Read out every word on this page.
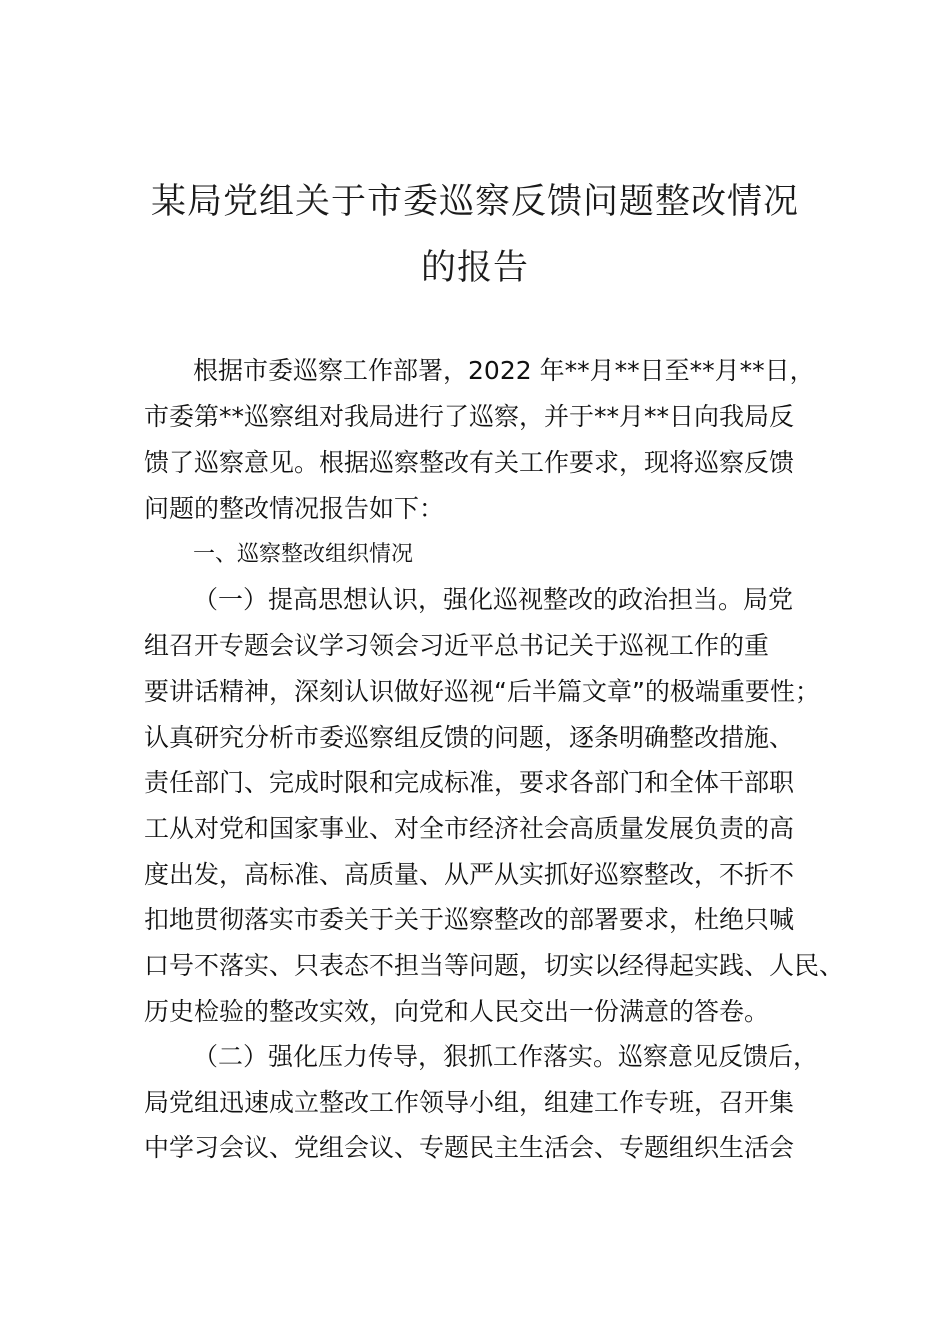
某局党组关于市委巡察反馈问题整改情况
的报告
根据市委巡察工作部署，2022 年**月**日至**月**日，
市委第**巡察组对我局进行了巡察，并于**月**日向我局反
馈了巡察意见。根据巡察整改有关工作要求，现将巡察反馈
问题的整改情况报告如下：
一、巡察整改组织情况
（一）提高思想认识，强化巡视整改的政治担当。局党
组召开专题会议学习领会习近平总书记关于巡视工作的重
要讲话精神，深刻认识做好巡视“后半篇文章”的极端重要性；
认真研究分析市委巡察组反馈的问题，逐条明确整改措施、
责任部门、完成时限和完成标准，要求各部门和全体干部职
工从对党和国家事业、对全市经济社会高质量发展负责的高
度出发，高标准、高质量、从严从实抓好巡察整改，不折不
扣地贯彻落实市委关于关于巡察整改的部署要求，杜绝只喊
口号不落实、只表态不担当等问题，切实以经得起实践、人民、
历史检验的整改实效，向党和人民交出一份满意的答卷。
（二）强化压力传导，狠抓工作落实。巡察意见反馈后，
局党组迅速成立整改工作领导小组，组建工作专班，召开集
中学习会议、党组会议、专题民主生活会、专题组织生活会
